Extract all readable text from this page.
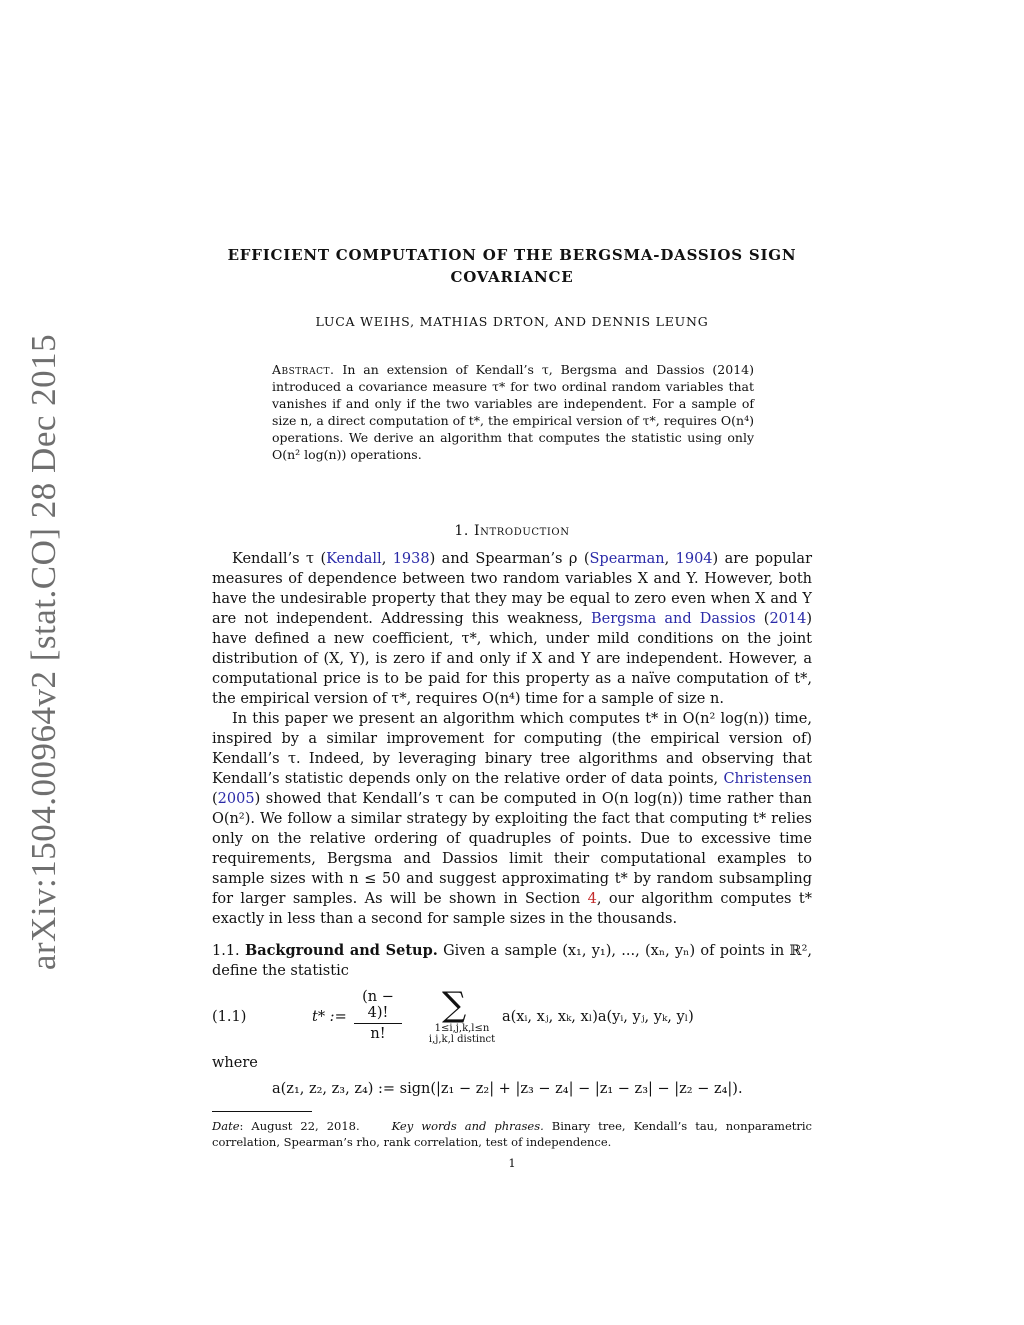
arXiv:1504.00964v2 [stat.CO] 28 Dec 2015
EFFICIENT COMPUTATION OF THE BERGSMA-DASSIOS SIGN
COVARIANCE
LUCA WEIHS, MATHIAS DRTON, AND DENNIS LEUNG
Abstract. In an extension of Kendall’s τ, Bergsma and Dassios (2014) introduced a covariance measure τ* for two ordinal random variables that vanishes if and only if the two variables are independent. For a sample of size n, a direct computation of t*, the empirical version of τ*, requires O(n⁴) operations. We derive an algorithm that computes the statistic using only O(n² log(n)) operations.
1. Introduction

Kendall’s τ (Kendall, 1938) and Spearman’s ρ (Spearman, 1904) are popular measures of dependence between two random variables X and Y. However, both have the undesirable property that they may be equal to zero even when X and Y are not independent. Addressing this weakness, Bergsma and Dassios (2014) have defined a new coefficient, τ*, which, under mild conditions on the joint distribution of (X, Y), is zero if and only if X and Y are independent. However, a computational price is to be paid for this property as a naïve computation of t*, the empirical version of τ*, requires O(n⁴) time for a sample of size n.

In this paper we present an algorithm which computes t* in O(n² log(n)) time, inspired by a similar improvement for computing (the empirical version of) Kendall’s τ. Indeed, by leveraging binary tree algorithms and observing that Kendall’s statistic depends only on the relative order of data points, Christensen (2005) showed that Kendall’s τ can be computed in O(n log(n)) time rather than O(n²). We follow a similar strategy by exploiting the fact that computing t* relies only on the relative ordering of quadruples of points. Due to excessive time requirements, Bergsma and Dassios limit their computational examples to sample sizes with n ≤ 50 and suggest approximating t* by random subsampling for larger samples. As will be shown in Section 4, our algorithm computes t* exactly in less than a second for sample sizes in the thousands.

1.1. Background and Setup. Given a sample (x₁, y₁), ..., (xₙ, yₙ) of points in ℝ², define the statistic

(1.1)	t* := $\frac{(n - 4)!}{n!}$ ∑
1≤i,j,k,l≤n
i,j,k,l distinct
a(xᵢ, xⱼ, xₖ, xₗ)a(yᵢ, yⱼ, yₖ, yₗ)
where
a(z₁, z₂, z₃, z₄) := sign(|z₁ − z₂| + |z₃ − z₄| − |z₁ − z₃| − |z₂ − z₄|).
Date: August 22, 2018.	Key words and phrases. Binary tree, Kendall’s tau, nonparametric correlation, Spearman’s rho, rank correlation, test of independence.
1
